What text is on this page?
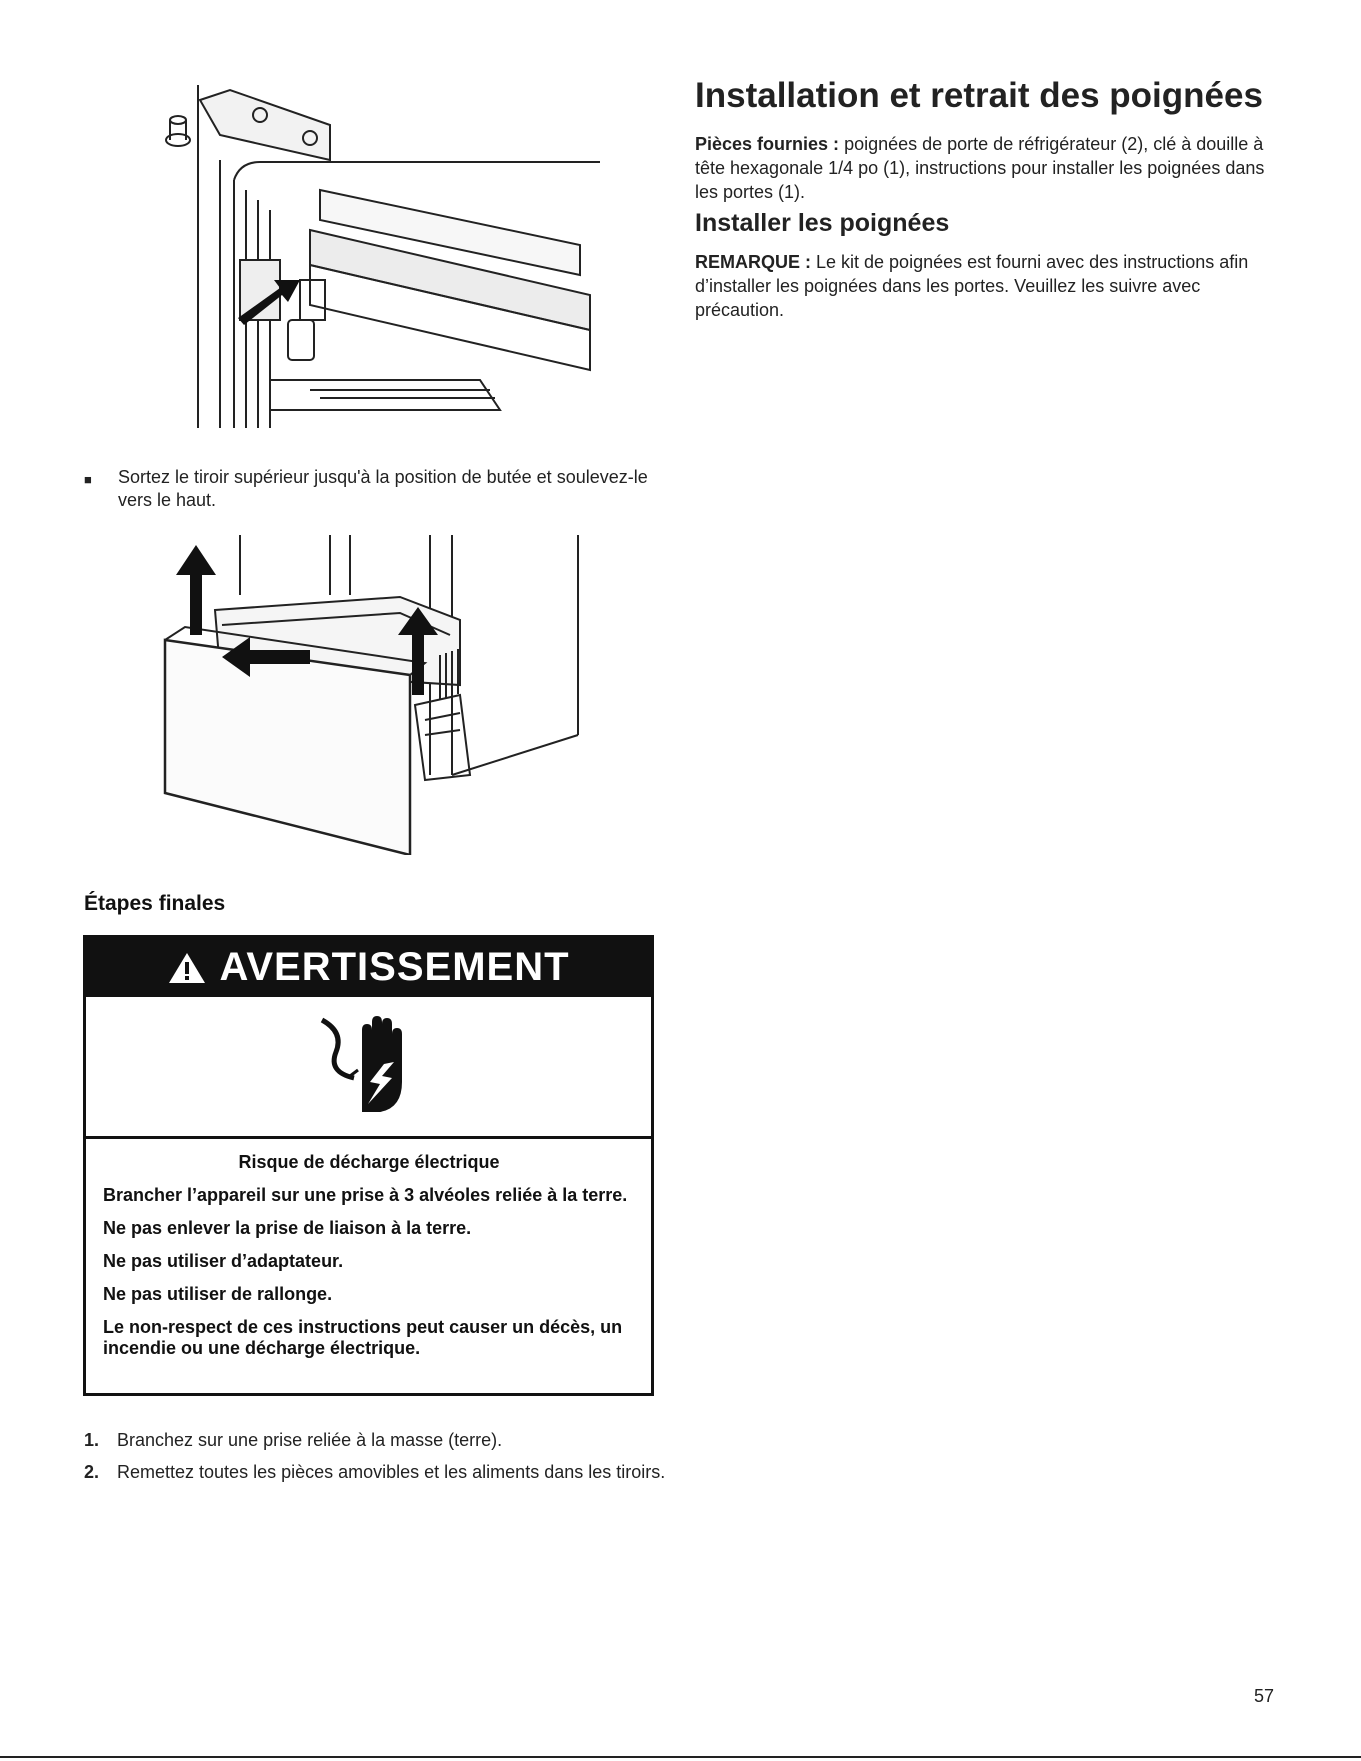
■	Sortez le tiroir supérieur jusqu'à la position de butée et soulevez-le vers le haut.
Étapes finales
AVERTISSEMENT
Risque de décharge électrique
Brancher l’appareil sur une prise à 3 alvéoles reliée à la terre.
Ne pas enlever la prise de liaison à la terre.
Ne pas utiliser d’adaptateur.
Ne pas utiliser de rallonge.
Le non-respect de ces instructions peut causer un décès, un incendie ou une décharge électrique.
1. Branchez sur une prise reliée à la masse (terre).
2. Remettez toutes les pièces amovibles et les aliments dans les tiroirs.
Installation et retrait des poignées
Pièces fournies : poignées de porte de réfrigérateur (2), clé à douille à tête hexagonale 1/4 po (1), instructions pour installer les poignées dans les portes (1).
Installer les poignées
REMARQUE : Le kit de poignées est fourni avec des instructions afin d’installer les poignées dans les portes. Veuillez les suivre avec précaution.
57
